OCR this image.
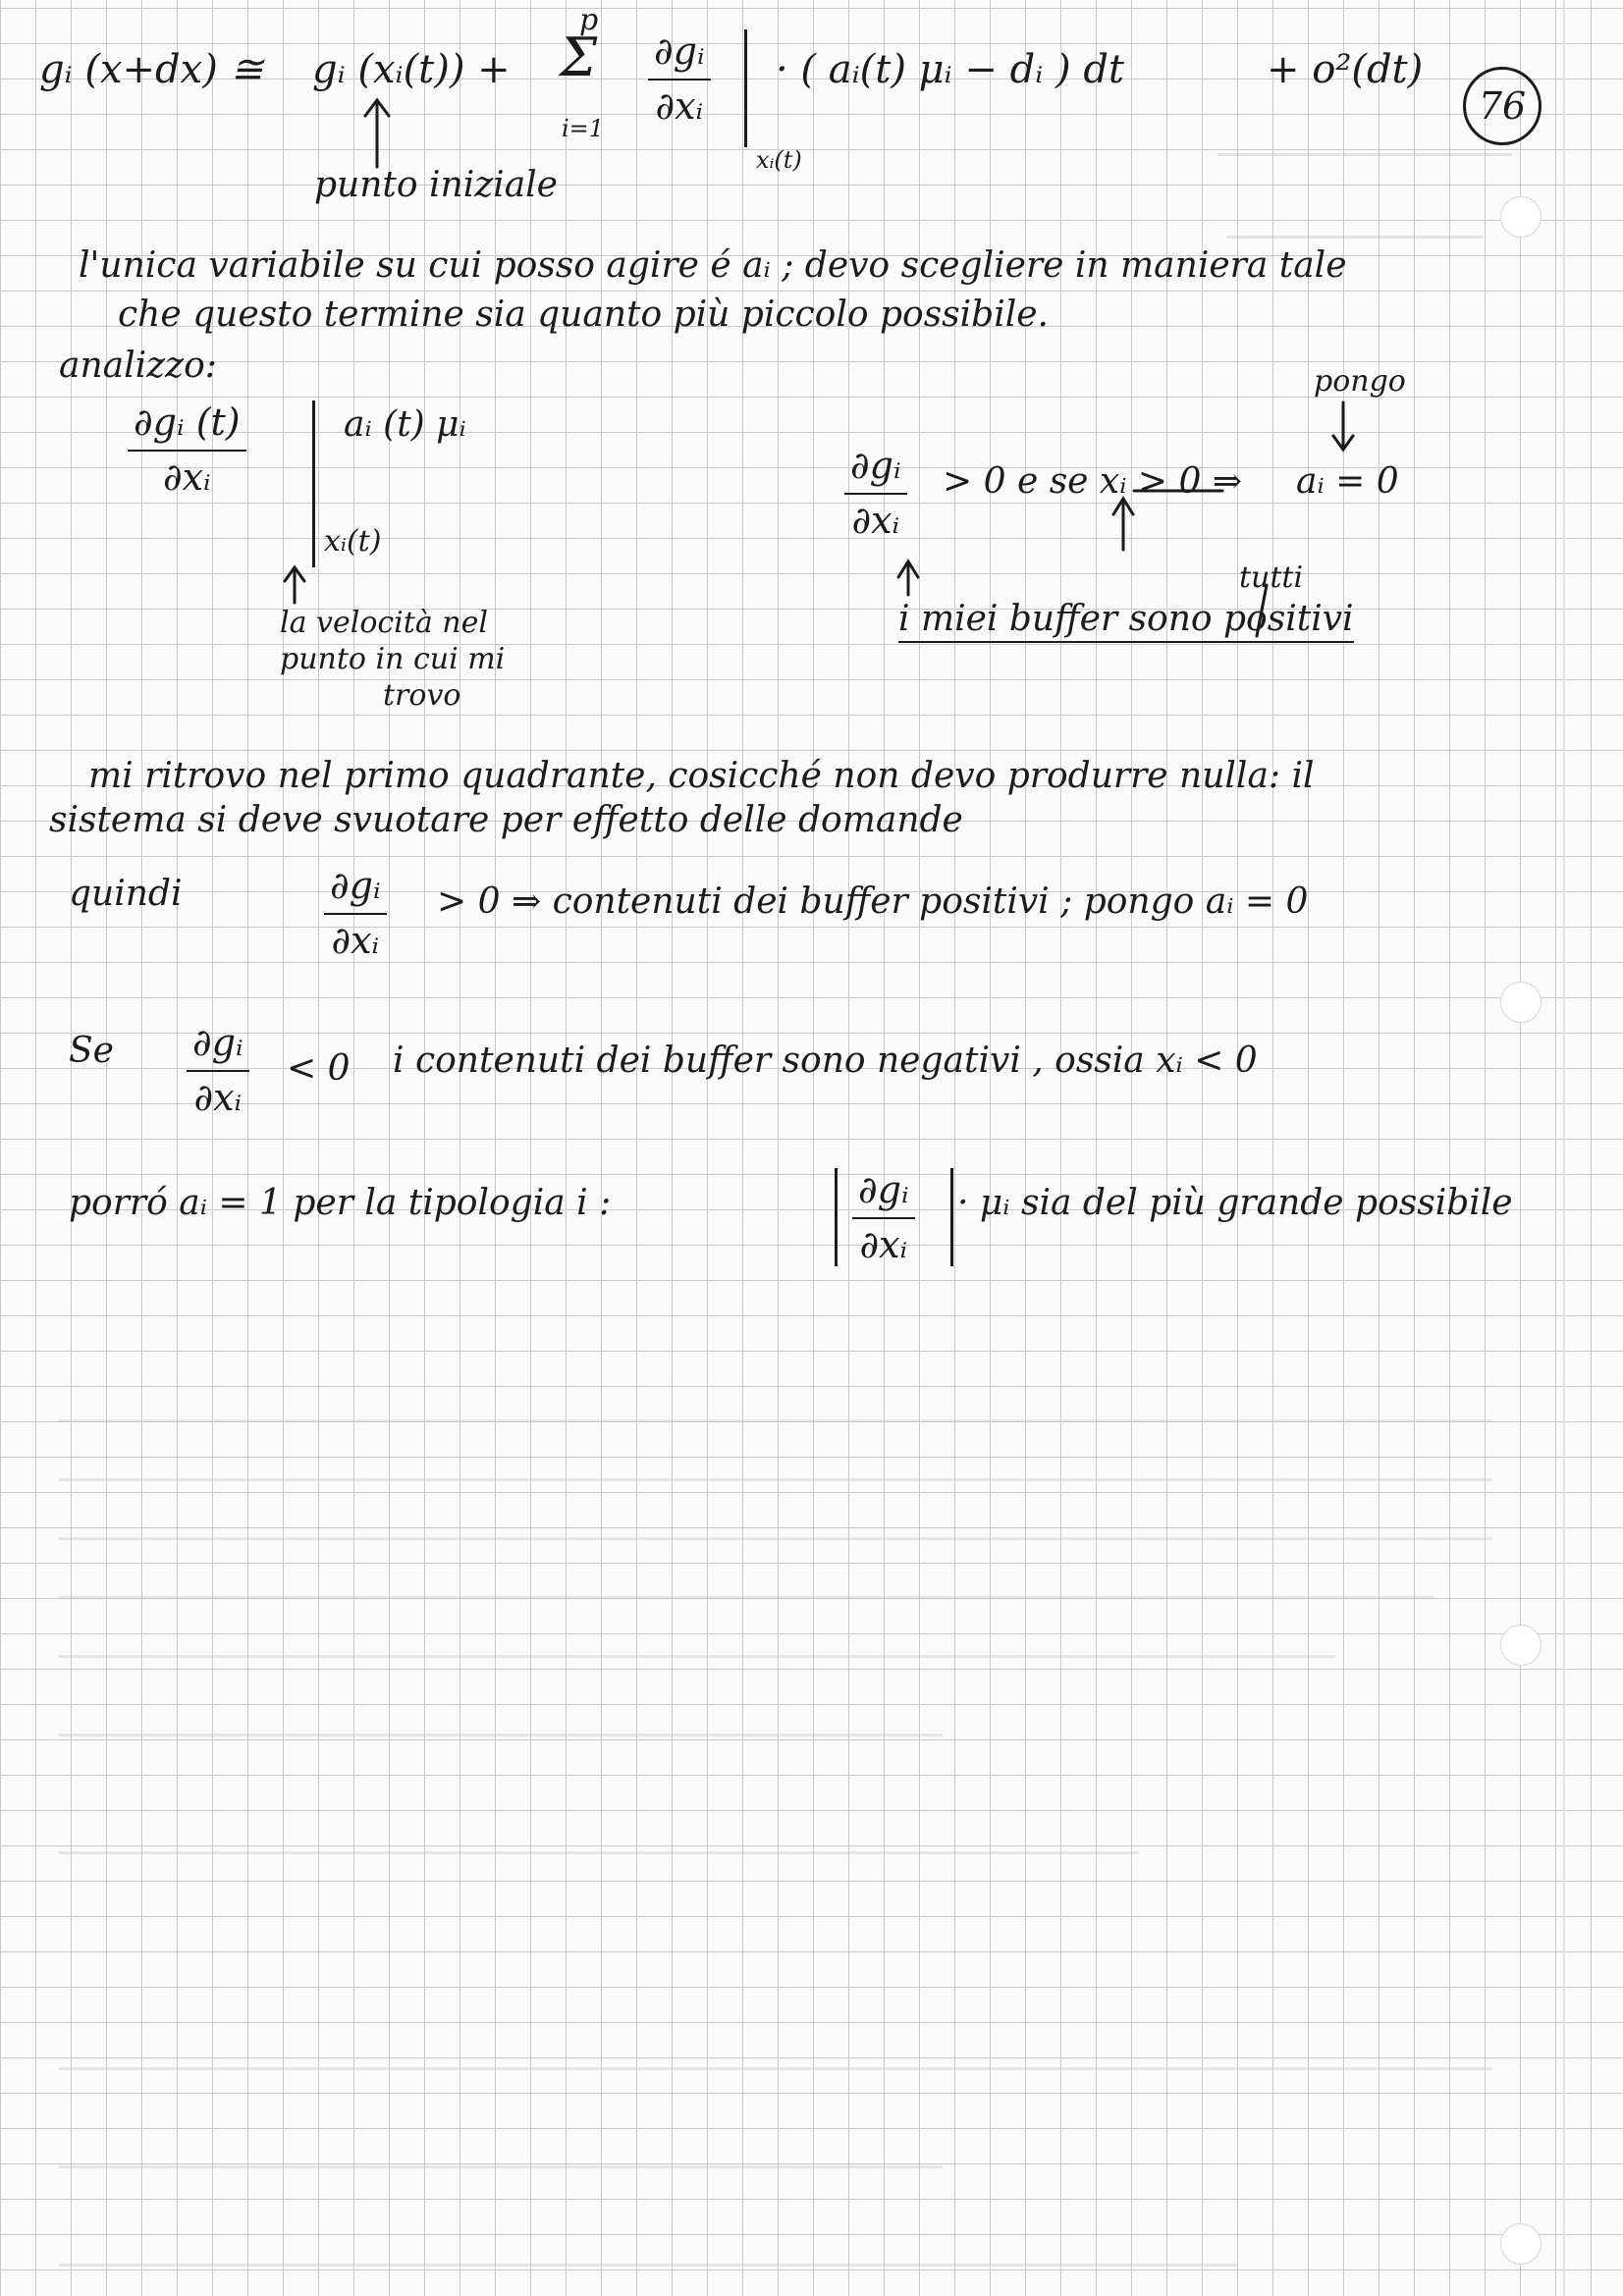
76
gᵢ (x+dx) ≅ gᵢ (xᵢ(t)) +
p
Σ
$i=1 \frac{\text{∂gᵢ}}{\text{∂xᵢ}}$
xᵢ(t)
· ( aᵢ(t) μᵢ − dᵢ ) dt	+ o²(dt)
punto iniziale
l'unica variabile su cui posso agire é aᵢ ; devo scegliere in maniera tale
che questo termine sia quanto più piccolo possibile.
analizzo:
$\frac{\text{∂gᵢ (t)}}{\text{∂xᵢ}}$	aᵢ (t) μᵢ
xᵢ(t)
la velocità nel
punto in cui mi
trovo
$\frac{\text{∂gᵢ}}{\text{∂xᵢ}} > 0$ e se xᵢ > 0 ⇒
pongo
aᵢ = 0
tutti
i miei buffer sono positivi
mi ritrovo nel primo quadrante, cosicché non devo produrre nulla: il
sistema si deve svuotare per effetto delle domande
quindi	$\frac{\text{∂gᵢ}}{\text{∂xᵢ}} > 0$ ⇒ contenuti dei buffer positivi ; pongo aᵢ = 0
Se $\frac{\text{∂gᵢ}}{\text{∂xᵢ}} < 0$ i contenuti dei buffer sono negativi , ossia xᵢ < 0
porró aᵢ = 1 per la tipologia i :	$\frac{\text{∂gᵢ}}{\text{∂xᵢ}}$ · μᵢ sia del più grande possibile
